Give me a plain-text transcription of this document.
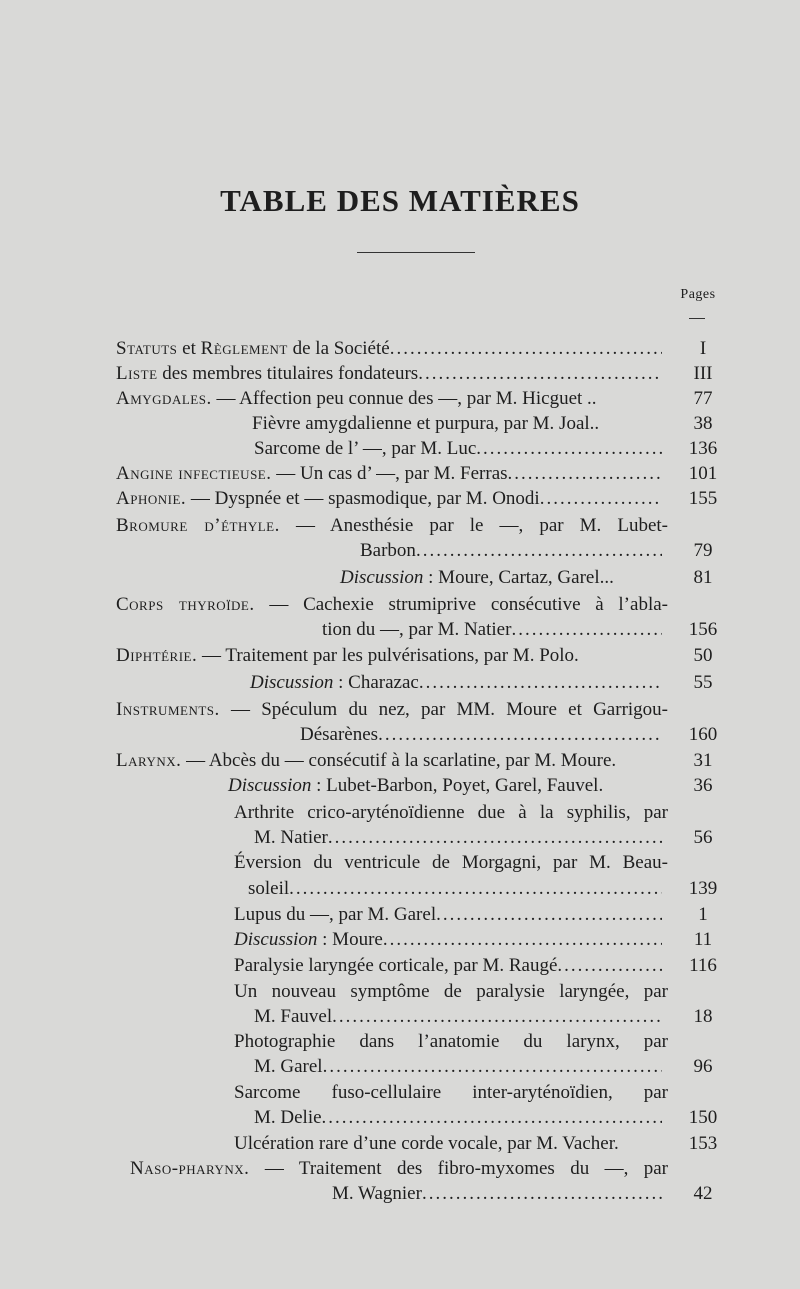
TABLE DES MATIÈRES
Pages
Statuts et Règlement de la Société .....	I
Liste des membres titulaires fondateurs .....	III
Amygdales. — Affection peu connue des —, par M. Hicguet ..	77
Fièvre amygdalienne et purpura, par M. Joal..	38
Sarcome de l’ —, par M. Luc .....	136
Angine infectieuse. — Un cas d’ —, par M. Ferras .....	101
Aphonie. — Dyspnée et — spasmodique, par M. Onodi .....	155
Bromure d’éthyle. — Anesthésie par le —, par M. Lubet-
Barbon .....	79
Discussion : Moure, Cartaz, Garel...	81
Corps thyroïde. — Cachexie strumiprive consécutive à l’abla-
tion du —, par M. Natier .....	156
Diphtérie. — Traitement par les pulvérisations, par M. Polo.	50
Discussion : Charazac .....	55
Instruments. — Spéculum du nez, par MM. Moure et Garrigou-
Désarènes .....	160
Larynx. — Abcès du — consécutif à la scarlatine, par M. Moure.	31
Discussion : Lubet-Barbon, Poyet, Garel, Fauvel.	36
Arthrite crico-aryténoïdienne due à la syphilis, par
M. Natier .....	56
Éversion du ventricule de Morgagni, par M. Beau-
soleil .....	139
Lupus du —, par M. Garel .....	1
Discussion : Moure .....	11
Paralysie laryngée corticale, par M. Raugé .....	116
Un nouveau symptôme de paralysie laryngée, par
M. Fauvel .....	18
Photographie dans l’anatomie du larynx, par
M. Garel .....	96
Sarcome fuso-cellulaire inter-aryténoïdien, par
M. Delie .....	150
Ulcération rare d’une corde vocale, par M. Vacher.	153
Naso-pharynx. — Traitement des fibro-myxomes du —, par
M. Wagnier .....	42
